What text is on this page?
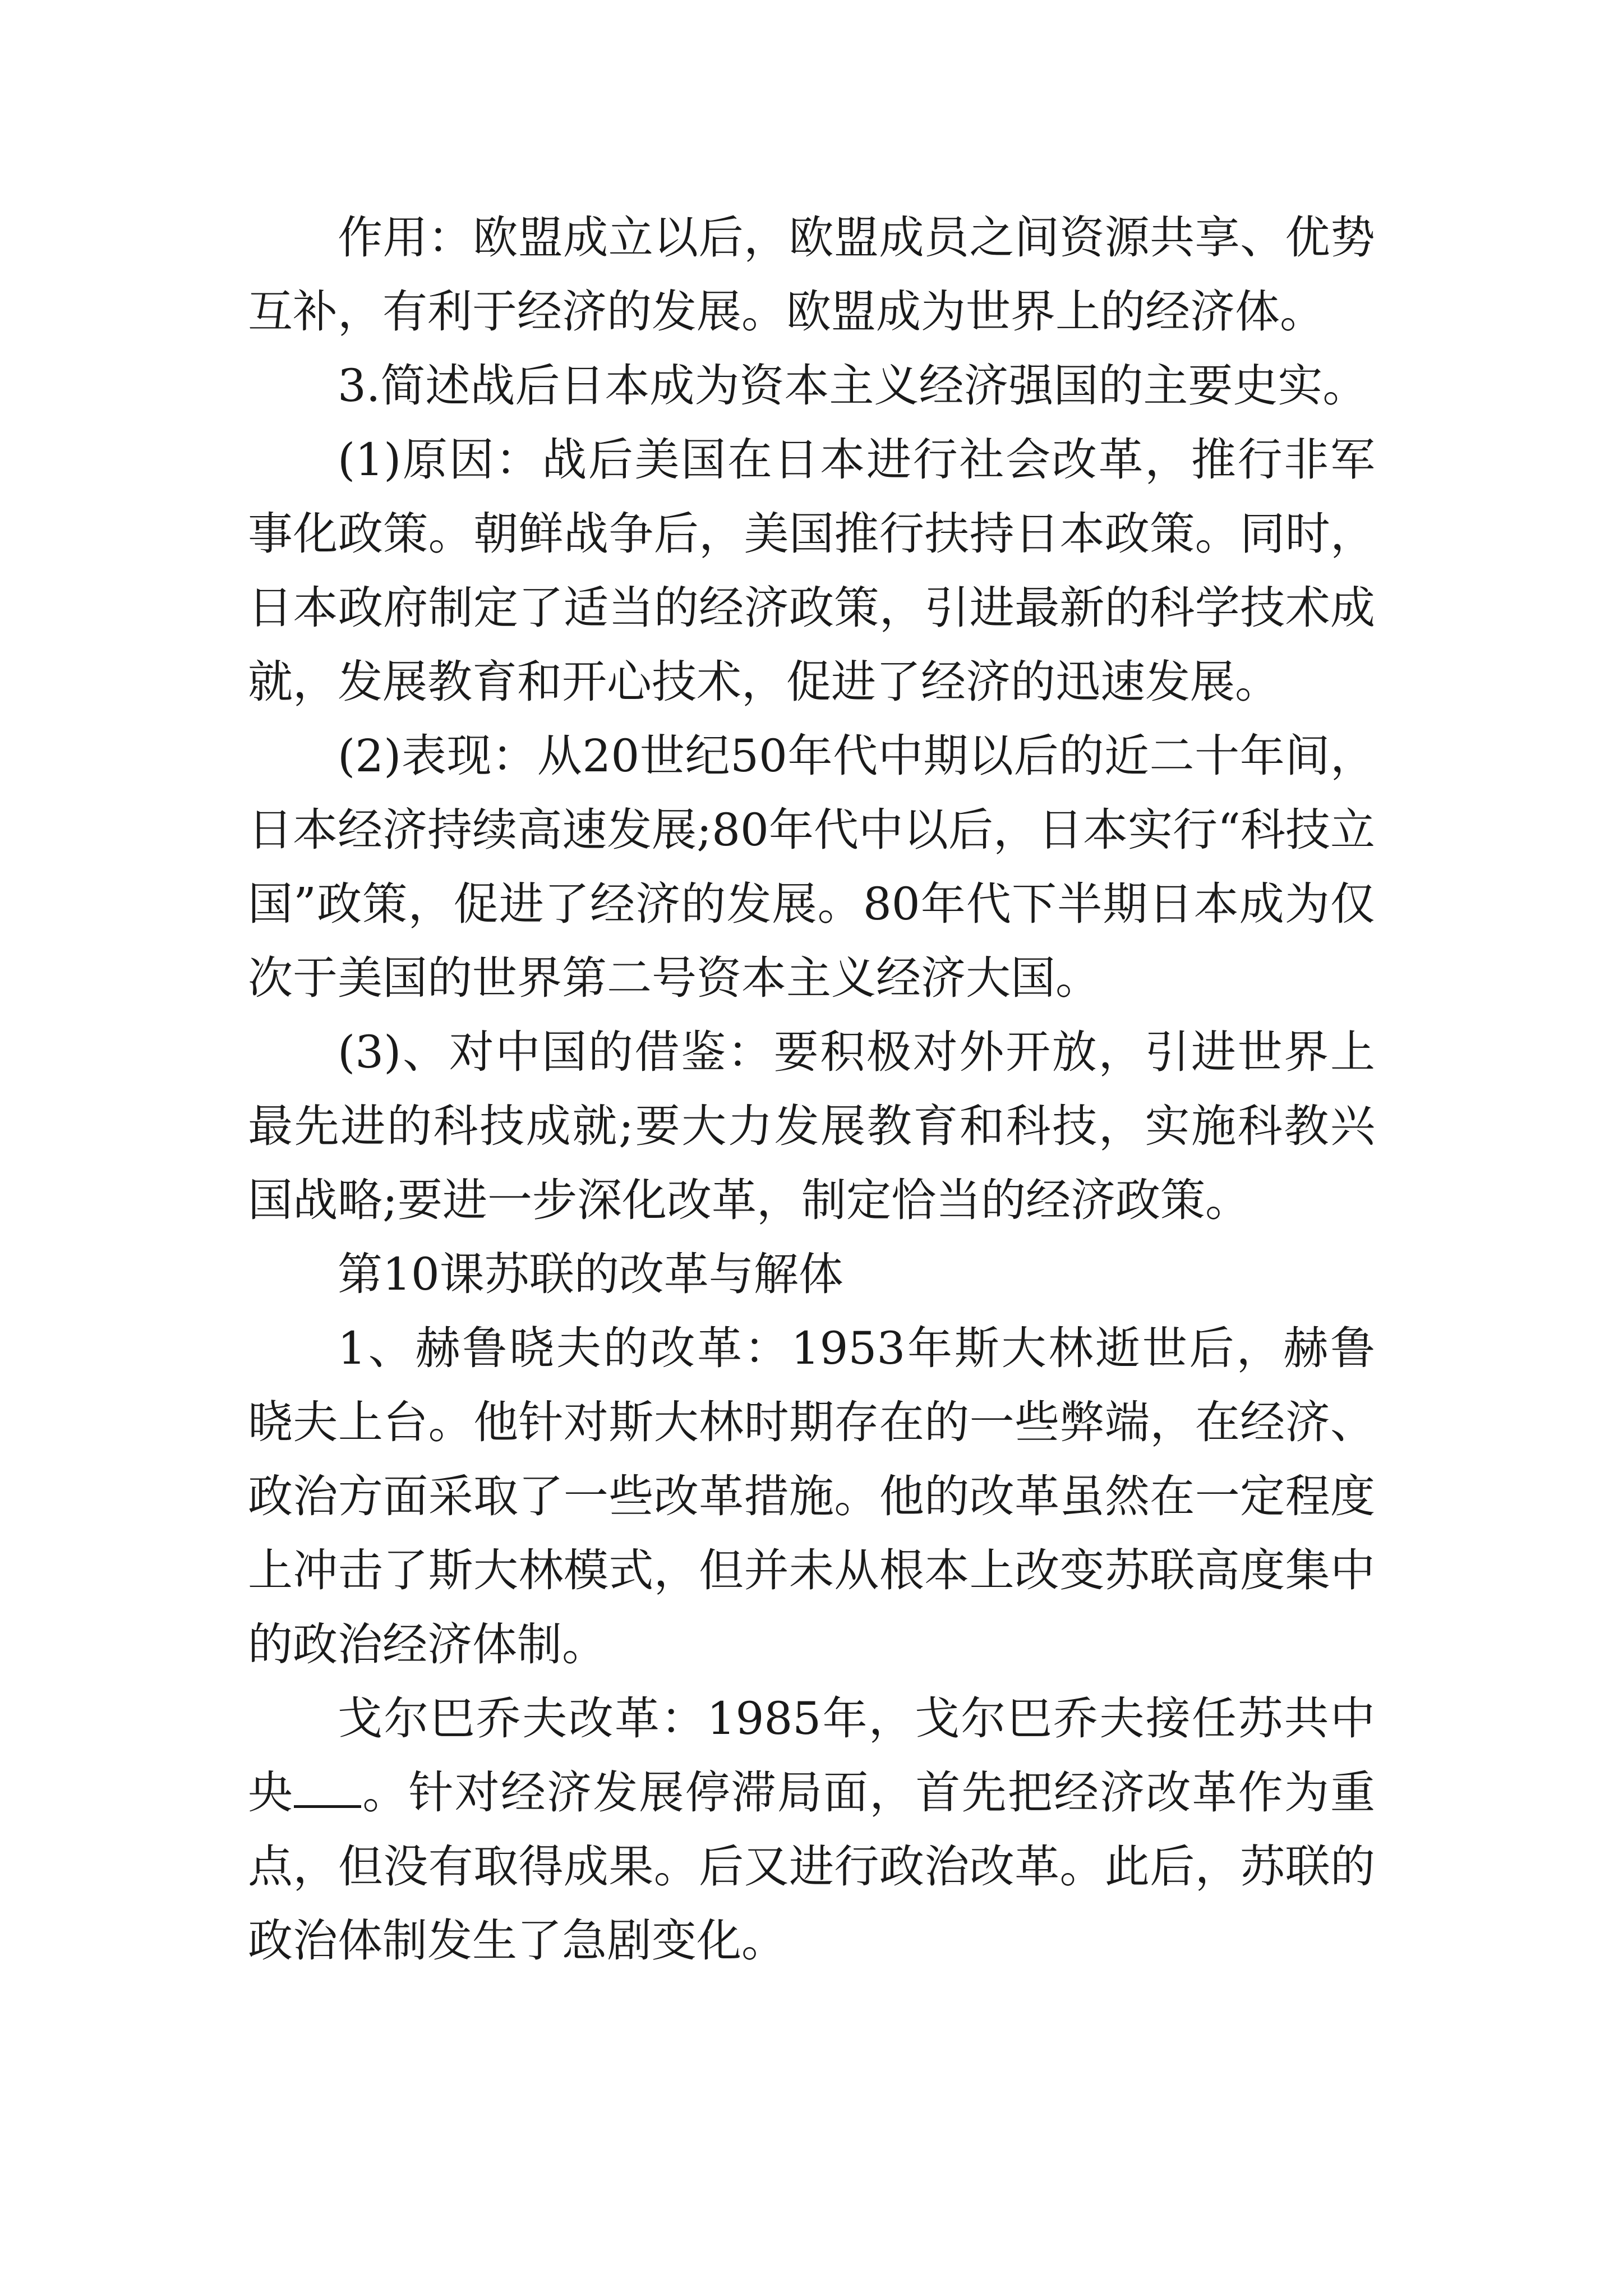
作用：欧盟成立以后，欧盟成员之间资源共享、优势互补，有利于经济的发展。欧盟成为世界上的经济体。

3.简述战后日本成为资本主义经济强国的主要史实。

(1)原因：战后美国在日本进行社会改革，推行非军事化政策。朝鲜战争后，美国推行扶持日本政策。同时，日本政府制定了适当的经济政策，引进最新的科学技术成就，发展教育和开心技术，促进了经济的迅速发展。

(2)表现：从20世纪50年代中期以后的近二十年间，日本经济持续高速发展;80年代中以后，日本实行“科技立国”政策，促进了经济的发展。80年代下半期日本成为仅次于美国的世界第二号资本主义经济大国。

(3)、对中国的借鉴：要积极对外开放，引进世界上最先进的科技成就;要大力发展教育和科技，实施科教兴国战略;要进一步深化改革，制定恰当的经济政策。

第10课苏联的改革与解体

1、赫鲁晓夫的改革：1953年斯大林逝世后，赫鲁晓夫上台。他针对斯大林时期存在的一些弊端，在经济、政治方面采取了一些改革措施。他的改革虽然在一定程度上冲击了斯大林模式，但并未从根本上改变苏联高度集中的政治经济体制。

戈尔巴乔夫改革：1985年，戈尔巴乔夫接任苏共中央 。针对经济发展停滞局面，首先把经济改革作为重点，但没有取得成果。后又进行政治改革。此后，苏联的政治体制发生了急剧变化。
